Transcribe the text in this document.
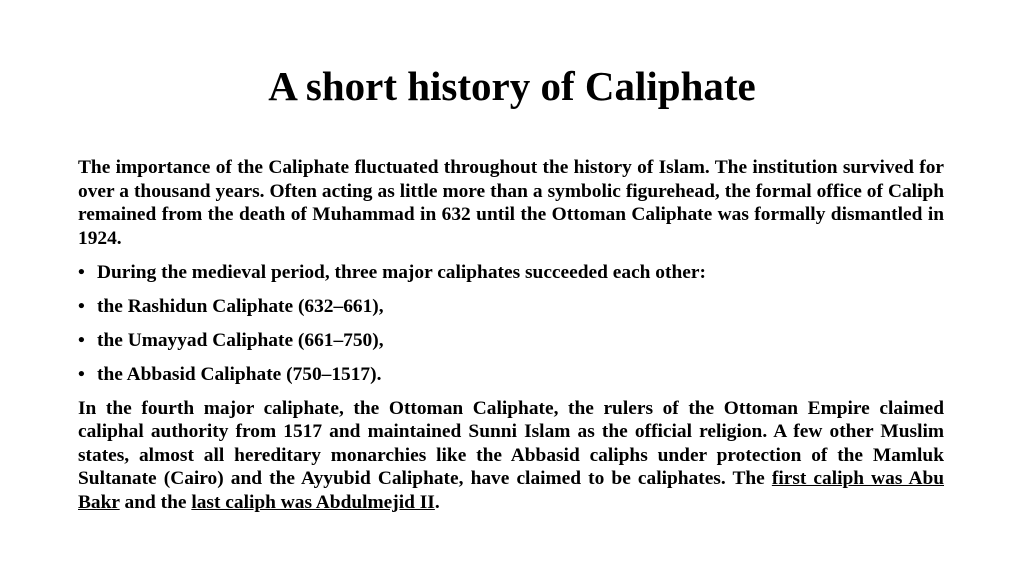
A short history of Caliphate

The importance of the Caliphate fluctuated throughout the history of Islam. The institution survived for over a thousand years. Often acting as little more than a symbolic figurehead, the formal office of Caliph remained from the death of Muhammad in 632 until the Ottoman Caliphate was formally dismantled in 1924.

• During the medieval period, three major caliphates succeeded each other:
• the Rashidun Caliphate (632–661),
• the Umayyad Caliphate (661–750),
• the Abbasid Caliphate (750–1517).

In the fourth major caliphate, the Ottoman Caliphate, the rulers of the Ottoman Empire claimed caliphal authority from 1517 and maintained Sunni Islam as the official religion. A few other Muslim states, almost all hereditary monarchies like the Abbasid caliphs under protection of the Mamluk Sultanate (Cairo) and the Ayyubid Caliphate, have claimed to be caliphates. The first caliph was Abu Bakr and the last caliph was Abdulmejid II.
